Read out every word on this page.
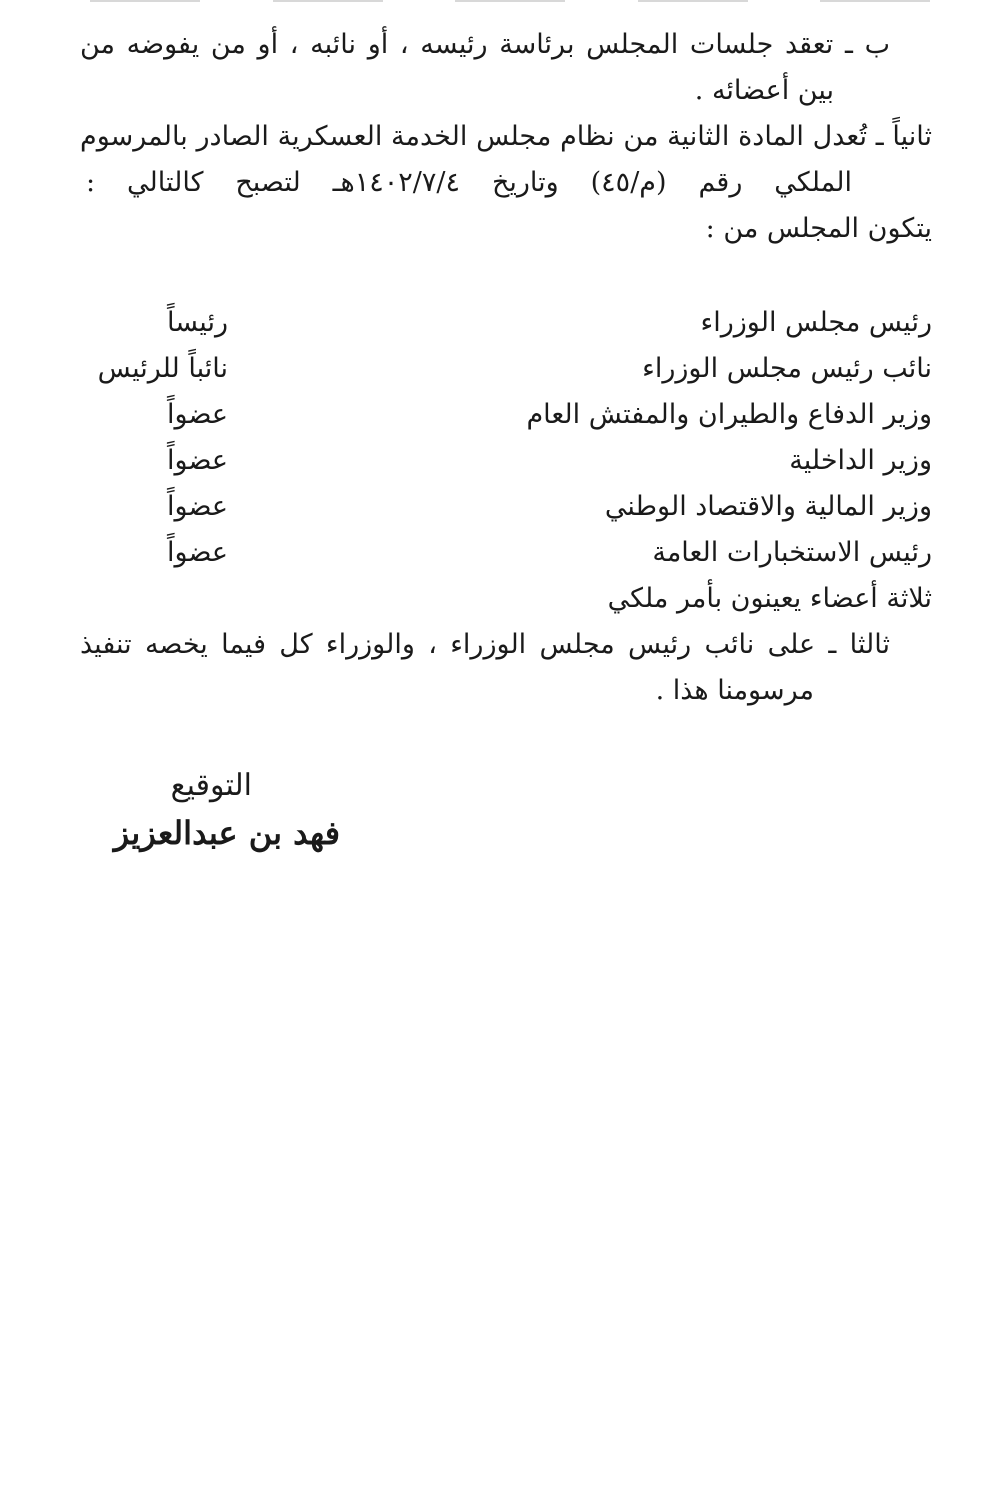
ب ـ تعقد جلسات المجلس برئاسة رئيسه ، أو نائبه ، أو من يفوضه من
بين أعضائه .
ثانياً ـ تُعدل المادة الثانية من نظام مجلس الخدمة العسكرية الصادر بالمرسوم
الملكي رقم (م/٤٥) وتاريخ ١٤٠٢/٧/٤هـ لتصبح كالتالي :
يتكون المجلس من :
رئيس مجلس الوزراء
رئيساً
نائب رئيس مجلس الوزراء
نائباً للرئيس
وزير الدفاع والطيران والمفتش العام
عضواً
وزير الداخلية
عضواً
وزير المالية والاقتصاد الوطني
عضواً
رئيس الاستخبارات العامة
عضواً
ثلاثة أعضاء يعينون بأمر ملكي
ثالثا ـ على نائب رئيس مجلس الوزراء ، والوزراء كل فيما يخصه تنفيذ
مرسومنا هذا .
التوقيع
فهد بن عبدالعزيز
